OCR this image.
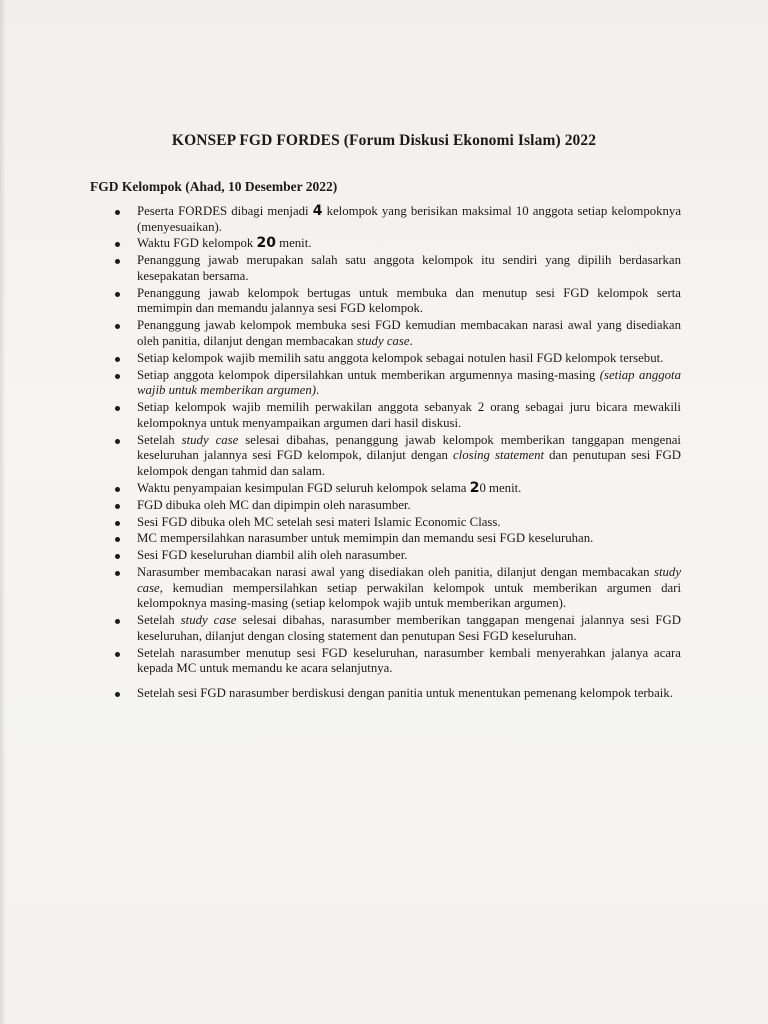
KONSEP FGD FORDES (Forum Diskusi Ekonomi Islam) 2022
FGD Kelompok (Ahad, 10 Desember 2022)
Peserta FORDES dibagi menjadi 4 kelompok yang berisikan maksimal 10 anggota setiap kelompoknya (menyesuaikan).
Waktu FGD kelompok 20 menit.
Penanggung jawab merupakan salah satu anggota kelompok itu sendiri yang dipilih berdasarkan kesepakatan bersama.
Penanggung jawab kelompok bertugas untuk membuka dan menutup sesi FGD kelompok serta memimpin dan memandu jalannya sesi FGD kelompok.
Penanggung jawab kelompok membuka sesi FGD kemudian membacakan narasi awal yang disediakan oleh panitia, dilanjut dengan membacakan study case.
Setiap kelompok wajib memilih satu anggota kelompok sebagai notulen hasil FGD kelompok tersebut.
Setiap anggota kelompok dipersilahkan untuk memberikan argumennya masing-masing (setiap anggota wajib untuk memberikan argumen).
Setiap kelompok wajib memilih perwakilan anggota sebanyak 2 orang sebagai juru bicara mewakili kelompoknya untuk menyampaikan argumen dari hasil diskusi.
Setelah study case selesai dibahas, penanggung jawab kelompok memberikan tanggapan mengenai keseluruhan jalannya sesi FGD kelompok, dilanjut dengan closing statement dan penutupan sesi FGD kelompok dengan tahmid dan salam.
Waktu penyampaian kesimpulan FGD seluruh kelompok selama 20 menit.
FGD dibuka oleh MC dan dipimpin oleh narasumber.
Sesi FGD dibuka oleh MC setelah sesi materi Islamic Economic Class.
MC mempersilahkan narasumber untuk memimpin dan memandu sesi FGD keseluruhan.
Sesi FGD keseluruhan diambil alih oleh narasumber.
Narasumber membacakan narasi awal yang disediakan oleh panitia, dilanjut dengan membacakan study case, kemudian mempersilahkan setiap perwakilan kelompok untuk memberikan argumen dari kelompoknya masing-masing (setiap kelompok wajib untuk memberikan argumen).
Setelah study case selesai dibahas, narasumber memberikan tanggapan mengenai jalannya sesi FGD keseluruhan, dilanjut dengan closing statement dan penutupan Sesi FGD keseluruhan.
Setelah narasumber menutup sesi FGD keseluruhan, narasumber kembali menyerahkan jalanya acara kepada MC untuk memandu ke acara selanjutnya.
Setelah sesi FGD narasumber berdiskusi dengan panitia untuk menentukan pemenang kelompok terbaik.
